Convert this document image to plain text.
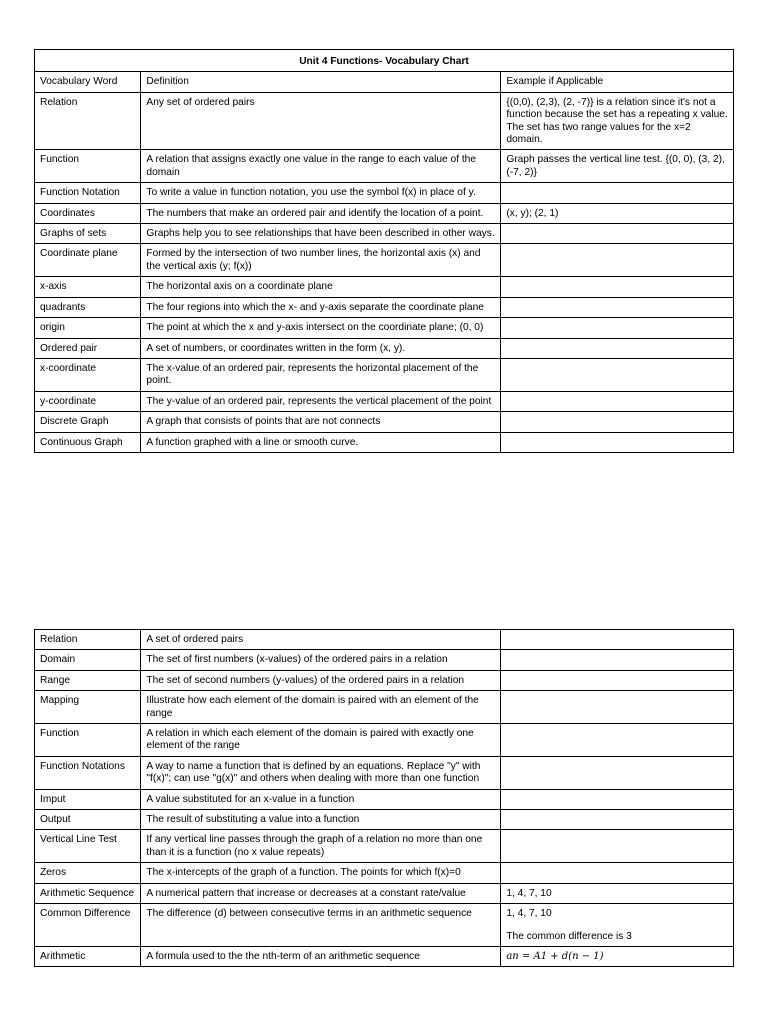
Unit 4 Functions- Vocabulary Chart		
Vocabulary Word	Definition	Example if Applicable
Relation	Any set of ordered pairs	{(0,0), (2,3), (2, -7)} is a relation since it's not a function because the set has a repeating x value. The set has two range values for the x=2 domain.
Function	A relation that assigns exactly one value in the range to each value of the domain	Graph passes the vertical line test. {(0, 0), (3, 2), (-7, 2)}
Function Notation	To write a value in function notation, you use the symbol f(x) in place of y.	
Coordinates	The numbers that make an ordered pair and identify the location of a point.	(x, y); (2, 1)
Graphs of sets	Graphs help you to see relationships that have been described in other ways.	
Coordinate plane	Formed by the intersection of two number lines, the horizontal axis (x) and the vertical axis (y; f(x))	
x-axis	The horizontal axis on a coordinate plane	
quadrants	The four regions into which the x- and y-axis separate the coordinate plane	
origin	The point at which the x and y-axis intersect on the coordinate plane; (0, 0)	
Ordered pair	A set of numbers, or coordinates written in the form (x, y).	
x-coordinate	The x-value of an ordered pair, represents the horizontal placement of the point.	
y-coordinate	The y-value of an ordered pair, represents the vertical placement of the point	
Discrete Graph	A graph that consists of points that are not connects	
Continuous Graph	A function graphed with a line or smooth curve.	
Relation	A set of ordered pairs	
Domain	The set of first numbers (x-values) of the ordered pairs in a relation	
Range	The set of second numbers (y-values) of the ordered pairs in a relation	
Mapping	Illustrate how each element of the domain is paired with an element of the range	
Function	A relation in which each element of the domain is paired with exactly one element of the range	
Function Notations	A way to name a function that is defined by an equations. Replace "y" with "f(x)"; can use "g(x)" and others when dealing with more than one function	
Imput	A value substituted for an x-value in a function	
Output	The result of substituting a value into a function	
Vertical Line Test	If any vertical line passes through the graph of a relation no more than one than it is a function (no x value repeats)	
Zeros	The x-intercepts of the graph of a function. The points for which f(x)=0	
Arithmetic Sequence	A numerical pattern that increase or decreases at a constant rate/value	1, 4, 7, 10
Common Difference	The difference (d) between consecutive terms in an arithmetic sequence	1, 4, 7, 10
The common difference is 3
Arithmetic	A formula used to the the nth-term of an arithmetic sequence	an = A1 + d(n − 1)
